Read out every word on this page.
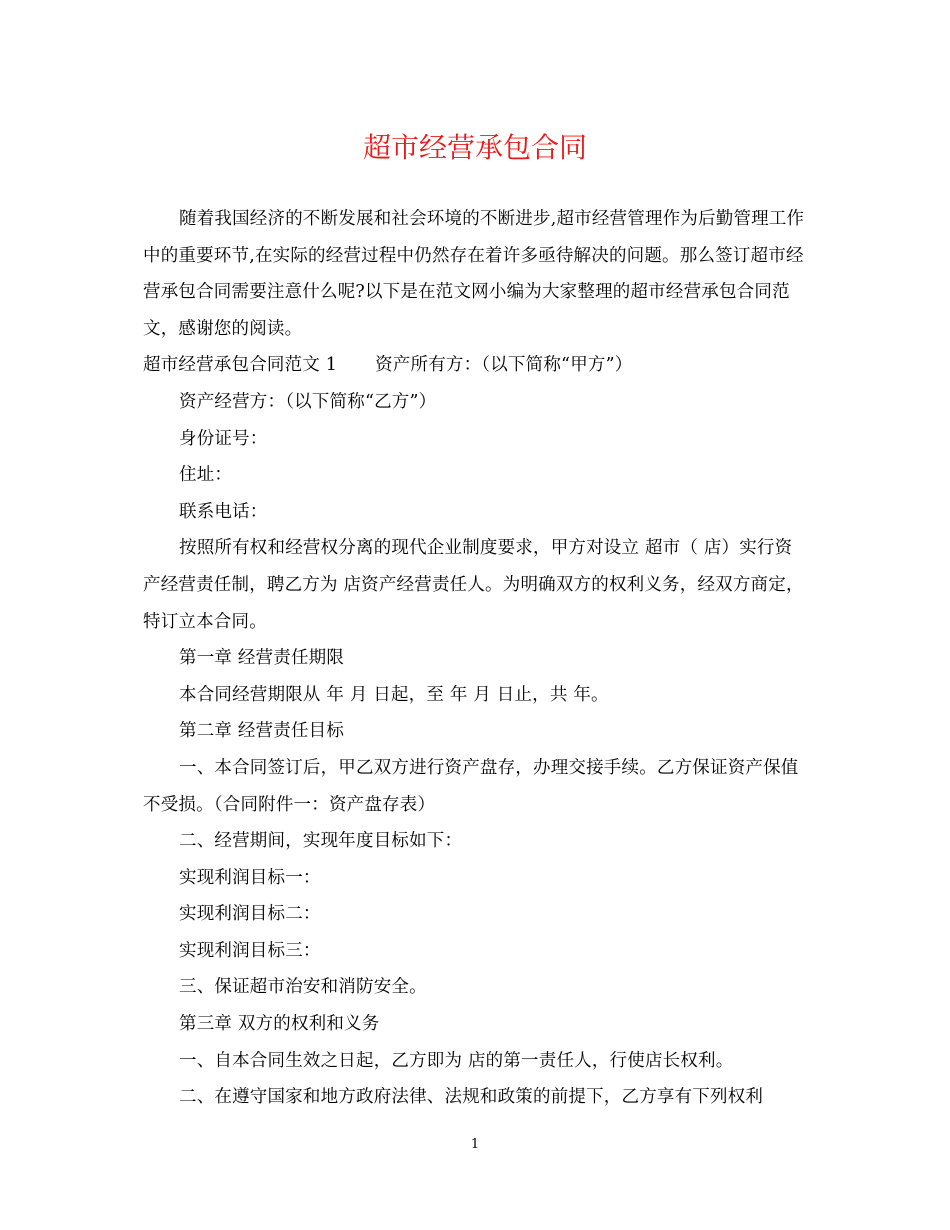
超市经营承包合同

随着我国经济的不断发展和社会环境的不断进步,超市经营管理作为后勤管理工作中的重要环节,在实际的经营过程中仍然存在着许多亟待解决的问题。那么签订超市经营承包合同需要注意什么呢?以下是在范文网小编为大家整理的超市经营承包合同范文，感谢您的阅读。

超市经营承包合同范文 1 资产所有方：（以下简称“甲方”）

资产经营方：（以下简称“乙方”）

身份证号：

住址：

联系电话：

按照所有权和经营权分离的现代企业制度要求，甲方对设立 超市（ 店）实行资产经营责任制，聘乙方为 店资产经营责任人。为明确双方的权利义务，经双方商定，特订立本合同。

第一章 经营责任期限

本合同经营期限从 年 月 日起，至 年 月 日止，共 年。

第二章 经营责任目标

一、本合同签订后，甲乙双方进行资产盘存，办理交接手续。乙方保证资产保值不受损。（合同附件一：资产盘存表）

二、经营期间，实现年度目标如下：

实现利润目标一：

实现利润目标二：

实现利润目标三：

三、保证超市治安和消防安全。

第三章 双方的权利和义务

一、自本合同生效之日起，乙方即为 店的第一责任人，行使店长权利。

二、在遵守国家和地方政府法律、法规和政策的前提下，乙方享有下列权利

1
